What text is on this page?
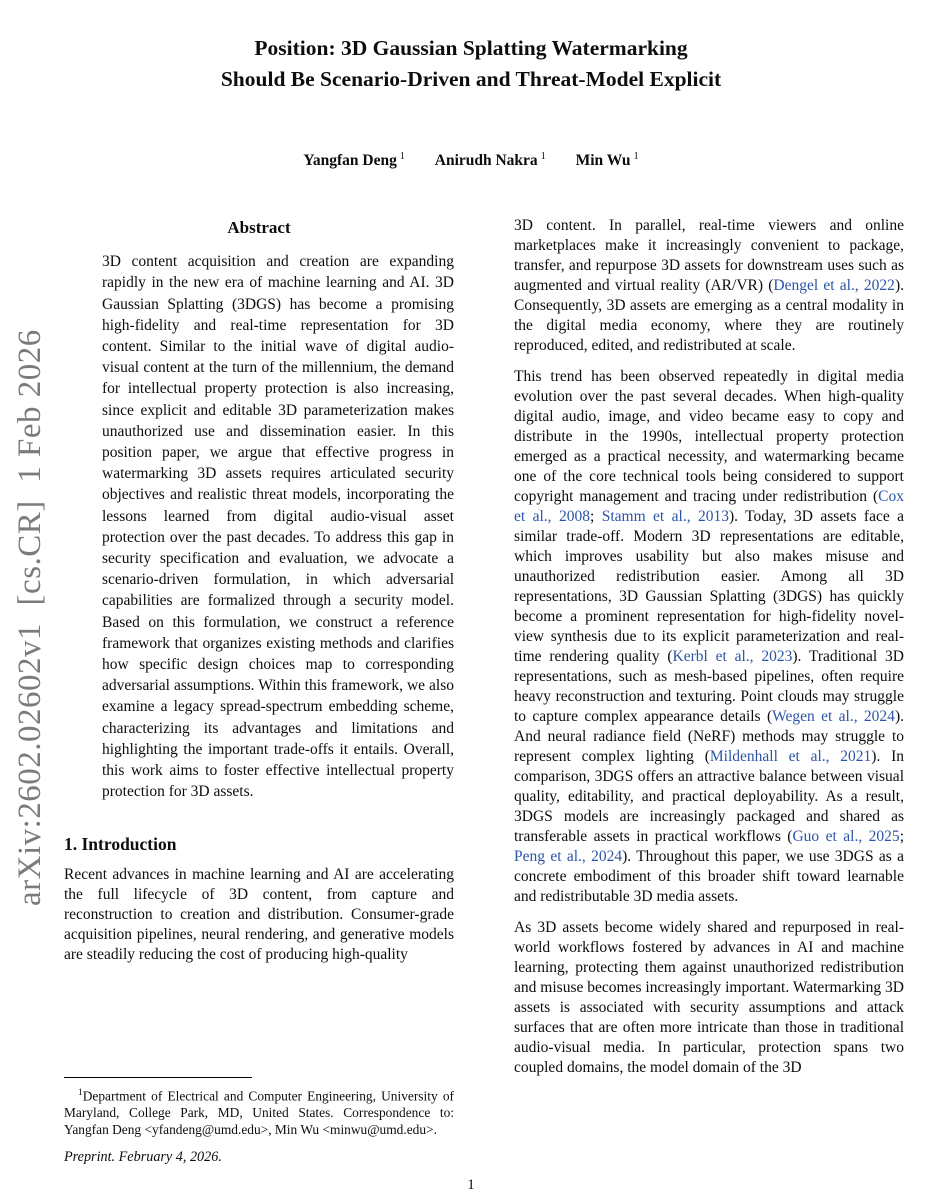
arXiv:2602.02602v1  [cs.CR]  1 Feb 2026
Position: 3D Gaussian Splatting Watermarking
Should Be Scenario-Driven and Threat-Model Explicit
Yangfan Deng $^1$ Anirudh Nakra $^1$ Min Wu $^1$
Abstract

3D content acquisition and creation are expanding rapidly in the new era of machine learning and AI. 3D Gaussian Splatting (3DGS) has become a promising high-fidelity and real-time representation for 3D content. Similar to the initial wave of digital audio-visual content at the turn of the millennium, the demand for intellectual property protection is also increasing, since explicit and editable 3D parameterization makes unauthorized use and dissemination easier. In this position paper, we argue that effective progress in watermarking 3D assets requires articulated security objectives and realistic threat models, incorporating the lessons learned from digital audio-visual asset protection over the past decades. To address this gap in security specification and evaluation, we advocate a scenario-driven formulation, in which adversarial capabilities are formalized through a security model. Based on this formulation, we construct a reference framework that organizes existing methods and clarifies how specific design choices map to corresponding adversarial assumptions. Within this framework, we also examine a legacy spread-spectrum embedding scheme, characterizing its advantages and limitations and highlighting the important trade-offs it entails. Overall, this work aims to foster effective intellectual property protection for 3D assets.

1. Introduction

Recent advances in machine learning and AI are accelerating the full lifecycle of 3D content, from capture and reconstruction to creation and distribution. Consumer-grade acquisition pipelines, neural rendering, and generative models are steadily reducing the cost of producing high-quality

$^1$Department of Electrical and Computer Engineering, University of Maryland, College Park, MD, United States. Correspondence to: Yangfan Deng <yfandeng@umd.edu>, Min Wu <minwu@umd.edu>.

Preprint. February 4, 2026.

3D content. In parallel, real-time viewers and online marketplaces make it increasingly convenient to package, transfer, and repurpose 3D assets for downstream uses such as augmented and virtual reality (AR/VR) (Dengel et al., 2022). Consequently, 3D assets are emerging as a central modality in the digital media economy, where they are routinely reproduced, edited, and redistributed at scale.

This trend has been observed repeatedly in digital media evolution over the past several decades. When high-quality digital audio, image, and video became easy to copy and distribute in the 1990s, intellectual property protection emerged as a practical necessity, and watermarking became one of the core technical tools being considered to support copyright management and tracing under redistribution (Cox et al., 2008; Stamm et al., 2013). Today, 3D assets face a similar trade-off. Modern 3D representations are editable, which improves usability but also makes misuse and unauthorized redistribution easier. Among all 3D representations, 3D Gaussian Splatting (3DGS) has quickly become a prominent representation for high-fidelity novel-view synthesis due to its explicit parameterization and real-time rendering quality (Kerbl et al., 2023). Traditional 3D representations, such as mesh-based pipelines, often require heavy reconstruction and texturing. Point clouds may struggle to capture complex appearance details (Wegen et al., 2024). And neural radiance field (NeRF) methods may struggle to represent complex lighting (Mildenhall et al., 2021). In comparison, 3DGS offers an attractive balance between visual quality, editability, and practical deployability. As a result, 3DGS models are increasingly packaged and shared as transferable assets in practical workflows (Guo et al., 2025; Peng et al., 2024). Throughout this paper, we use 3DGS as a concrete embodiment of this broader shift toward learnable and redistributable 3D media assets.

As 3D assets become widely shared and repurposed in real-world workflows fostered by advances in AI and machine learning, protecting them against unauthorized redistribution and misuse becomes increasingly important. Watermarking 3D assets is associated with security assumptions and attack surfaces that are often more intricate than those in traditional audio-visual media. In particular, protection spans two coupled domains, the model domain of the 3D

1
